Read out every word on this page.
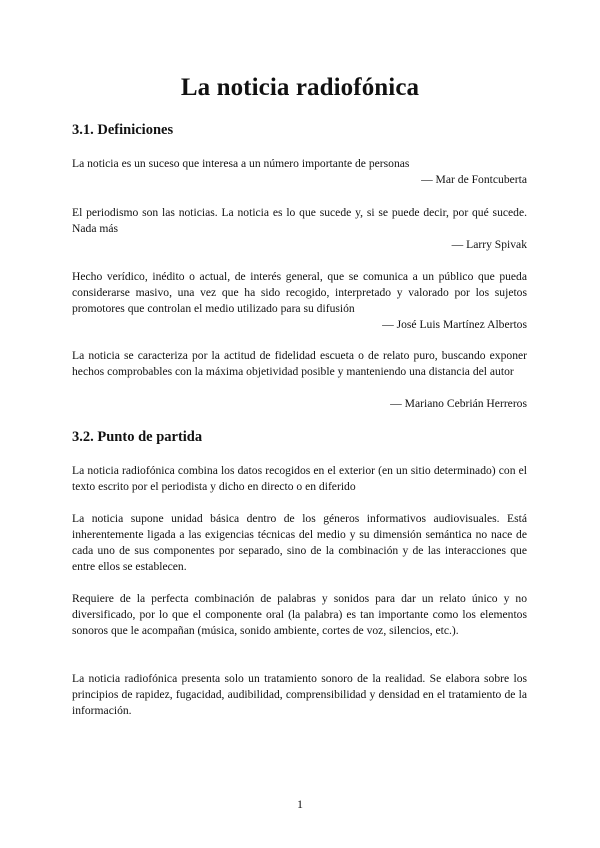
La noticia radiofónica
3.1. Definiciones

La noticia es un suceso que interesa a un número importante de personas

— Mar de Fontcuberta

El periodismo son las noticias. La noticia es lo que sucede y, si se puede decir, por qué sucede. Nada más

— Larry Spivak

Hecho verídico, inédito o actual, de interés general, que se comunica a un público que pueda considerarse masivo, una vez que ha sido recogido, interpretado y valorado por los sujetos promotores que controlan el medio utilizado para su difusión

— José Luis Martínez Albertos

La noticia se caracteriza por la actitud de fidelidad escueta o de relato puro, buscando exponer hechos comprobables con la máxima objetividad posible y manteniendo una distancia del autor

— Mariano Cebrián Herreros

3.2. Punto de partida

La noticia radiofónica combina los datos recogidos en el exterior (en un sitio determinado) con el texto escrito por el periodista y dicho en directo o en diferido

La noticia supone unidad básica dentro de los géneros informativos audiovisuales. Está inherentemente ligada a las exigencias técnicas del medio y su dimensión semántica no nace de cada uno de sus componentes por separado, sino de la combinación y de las interacciones que entre ellos se establecen.

Requiere de la perfecta combinación de palabras y sonidos para dar un relato único y no diversificado, por lo que el componente oral (la palabra) es tan importante como los elementos sonoros que le acompañan (música, sonido ambiente, cortes de voz, silencios, etc.).

La noticia radiofónica presenta solo un tratamiento sonoro de la realidad. Se elabora sobre los principios de rapidez, fugacidad, audibilidad, comprensibilidad y densidad en el tratamiento de la información.

1
